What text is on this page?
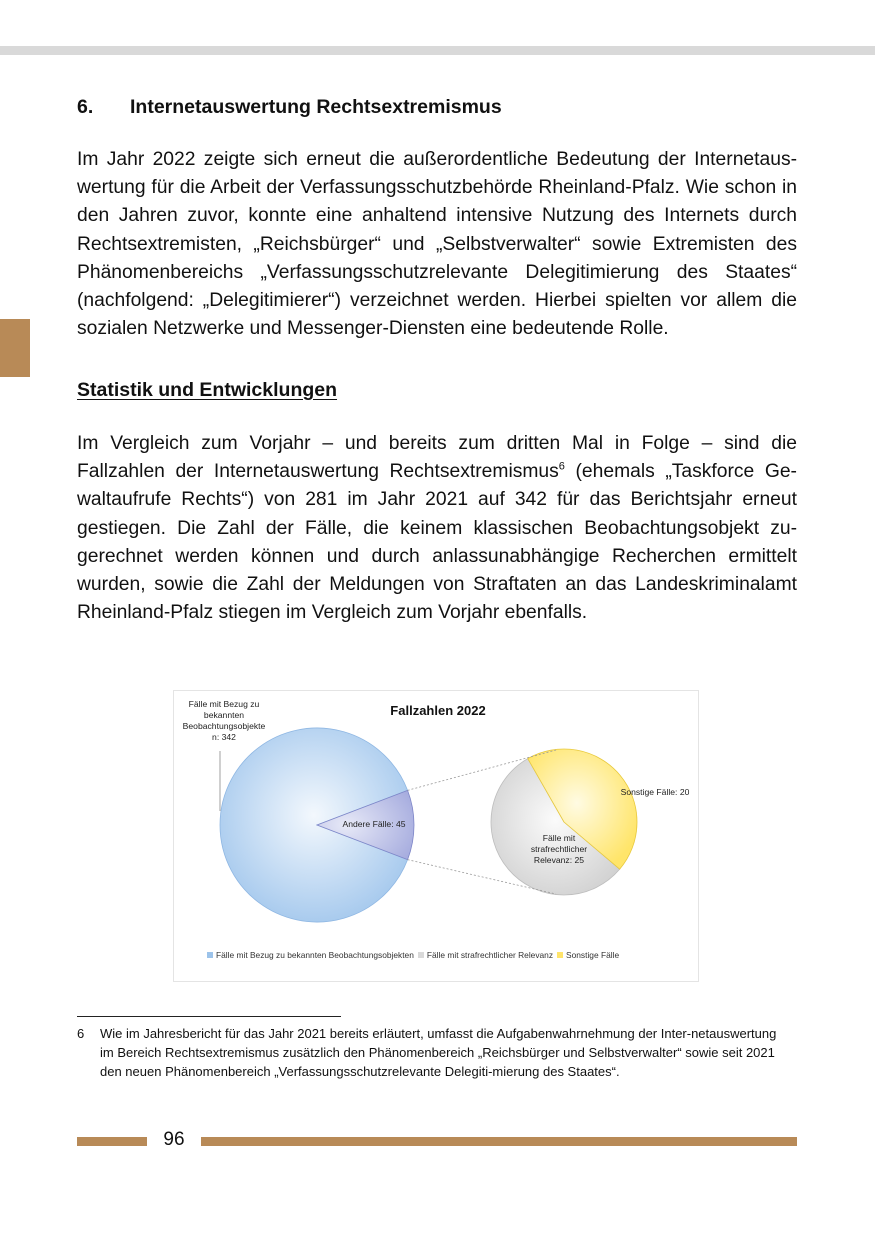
6.	Internetauswertung Rechtsextremismus

Im Jahr 2022 zeigte sich erneut die außerordentliche Bedeutung der Internetaus-wertung für die Arbeit der Verfassungsschutzbehörde Rheinland-Pfalz. Wie schon in den Jahren zuvor, konnte eine anhaltend intensive Nutzung des Internets durch Rechtsextremisten, „Reichsbürger“ und „Selbstverwalter“ sowie Extremisten des Phänomenbereichs „Verfassungsschutzrelevante Delegitimierung des Staates“ (nachfolgend: „Delegitimierer“) verzeichnet werden. Hierbei spielten vor allem die sozialen Netzwerke und Messenger-Diensten eine bedeutende Rolle.

Statistik und Entwicklungen

Im Vergleich zum Vorjahr – und bereits zum dritten Mal in Folge – sind die Fallzahlen der Internetauswertung Rechtsextremismus$^6$ (ehemals „Taskforce Ge-waltaufrufe Rechts“) von 281 im Jahr 2021 auf 342 für das Berichtsjahr erneut gestiegen. Die Zahl der Fälle, die keinem klassischen Beobachtungsobjekt zu-gerechnet werden können und durch anlassunabhängige Recherchen ermittelt wurden, sowie die Zahl der Meldungen von Straftaten an das Landeskriminalamt Rheinland-Pfalz stiegen im Vergleich zum Vorjahr ebenfalls.

Fallzahlen 2022
Fälle mit Bezug zu bekannten Beobachtungsobjekte n: 342
Andere Fälle: 45
Sonstige Fälle: 20
Fälle mit strafrechtlicher Relevanz: 25
Fälle mit Bezug zu bekannten Beobachtungsobjekten Fälle mit strafrechtlicher Relevanz Sonstige Fälle
6	Wie im Jahresbericht für das Jahr 2021 bereits erläutert, umfasst die Aufgabenwahrnehmung der Inter-netauswertung im Bereich Rechtsextremismus zusätzlich den Phänomenbereich „Reichsbürger und Selbstverwalter“ sowie seit 2021 den neuen Phänomenbereich „Verfassungsschutzrelevante Delegiti-mierung des Staates“.
96
